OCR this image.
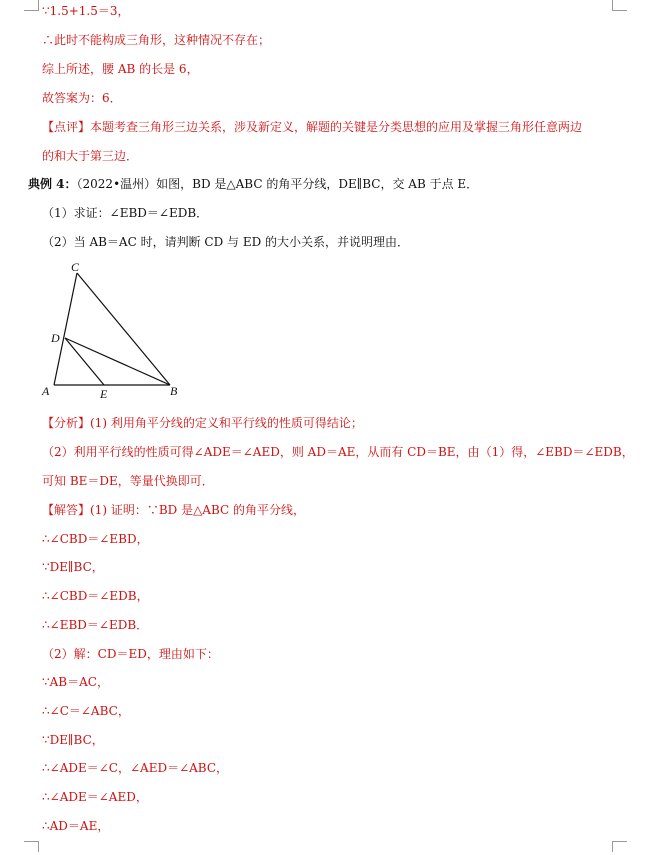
∵1.5+1.5＝3，
∴此时不能构成三角形，这种情况不存在；
综上所述，腰 AB 的长是 6，
故答案为：6．
【点评】本题考查三角形三边关系，涉及新定义，解题的关键是分类思想的应用及掌握三角形任意两边
的和大于第三边．
典例 4：（2022•温州）如图，BD 是△ABC 的角平分线，DE∥BC，交 AB 于点 E．
（1）求证：∠EBD＝∠EDB．
（2）当 AB＝AC 时，请判断 CD 与 ED 的大小关系，并说明理由．
C
D
A	E	B
【分析】(1) 利用角平分线的定义和平行线的性质可得结论；
（2）利用平行线的性质可得∠ADE＝∠AED，则 AD＝AE，从而有 CD＝BE，由（1）得，∠EBD＝∠EDB，
可知 BE＝DE，等量代换即可．
【解答】(1) 证明：∵BD 是△ABC 的角平分线，
∴∠CBD＝∠EBD，
∵DE∥BC，
∴∠CBD＝∠EDB，
∴∠EBD＝∠EDB．
（2）解：CD＝ED，理由如下：
∵AB＝AC，
∴∠C＝∠ABC，
∵DE∥BC，
∴∠ADE＝∠C，∠AED＝∠ABC，
∴∠ADE＝∠AED，
∴AD＝AE，
